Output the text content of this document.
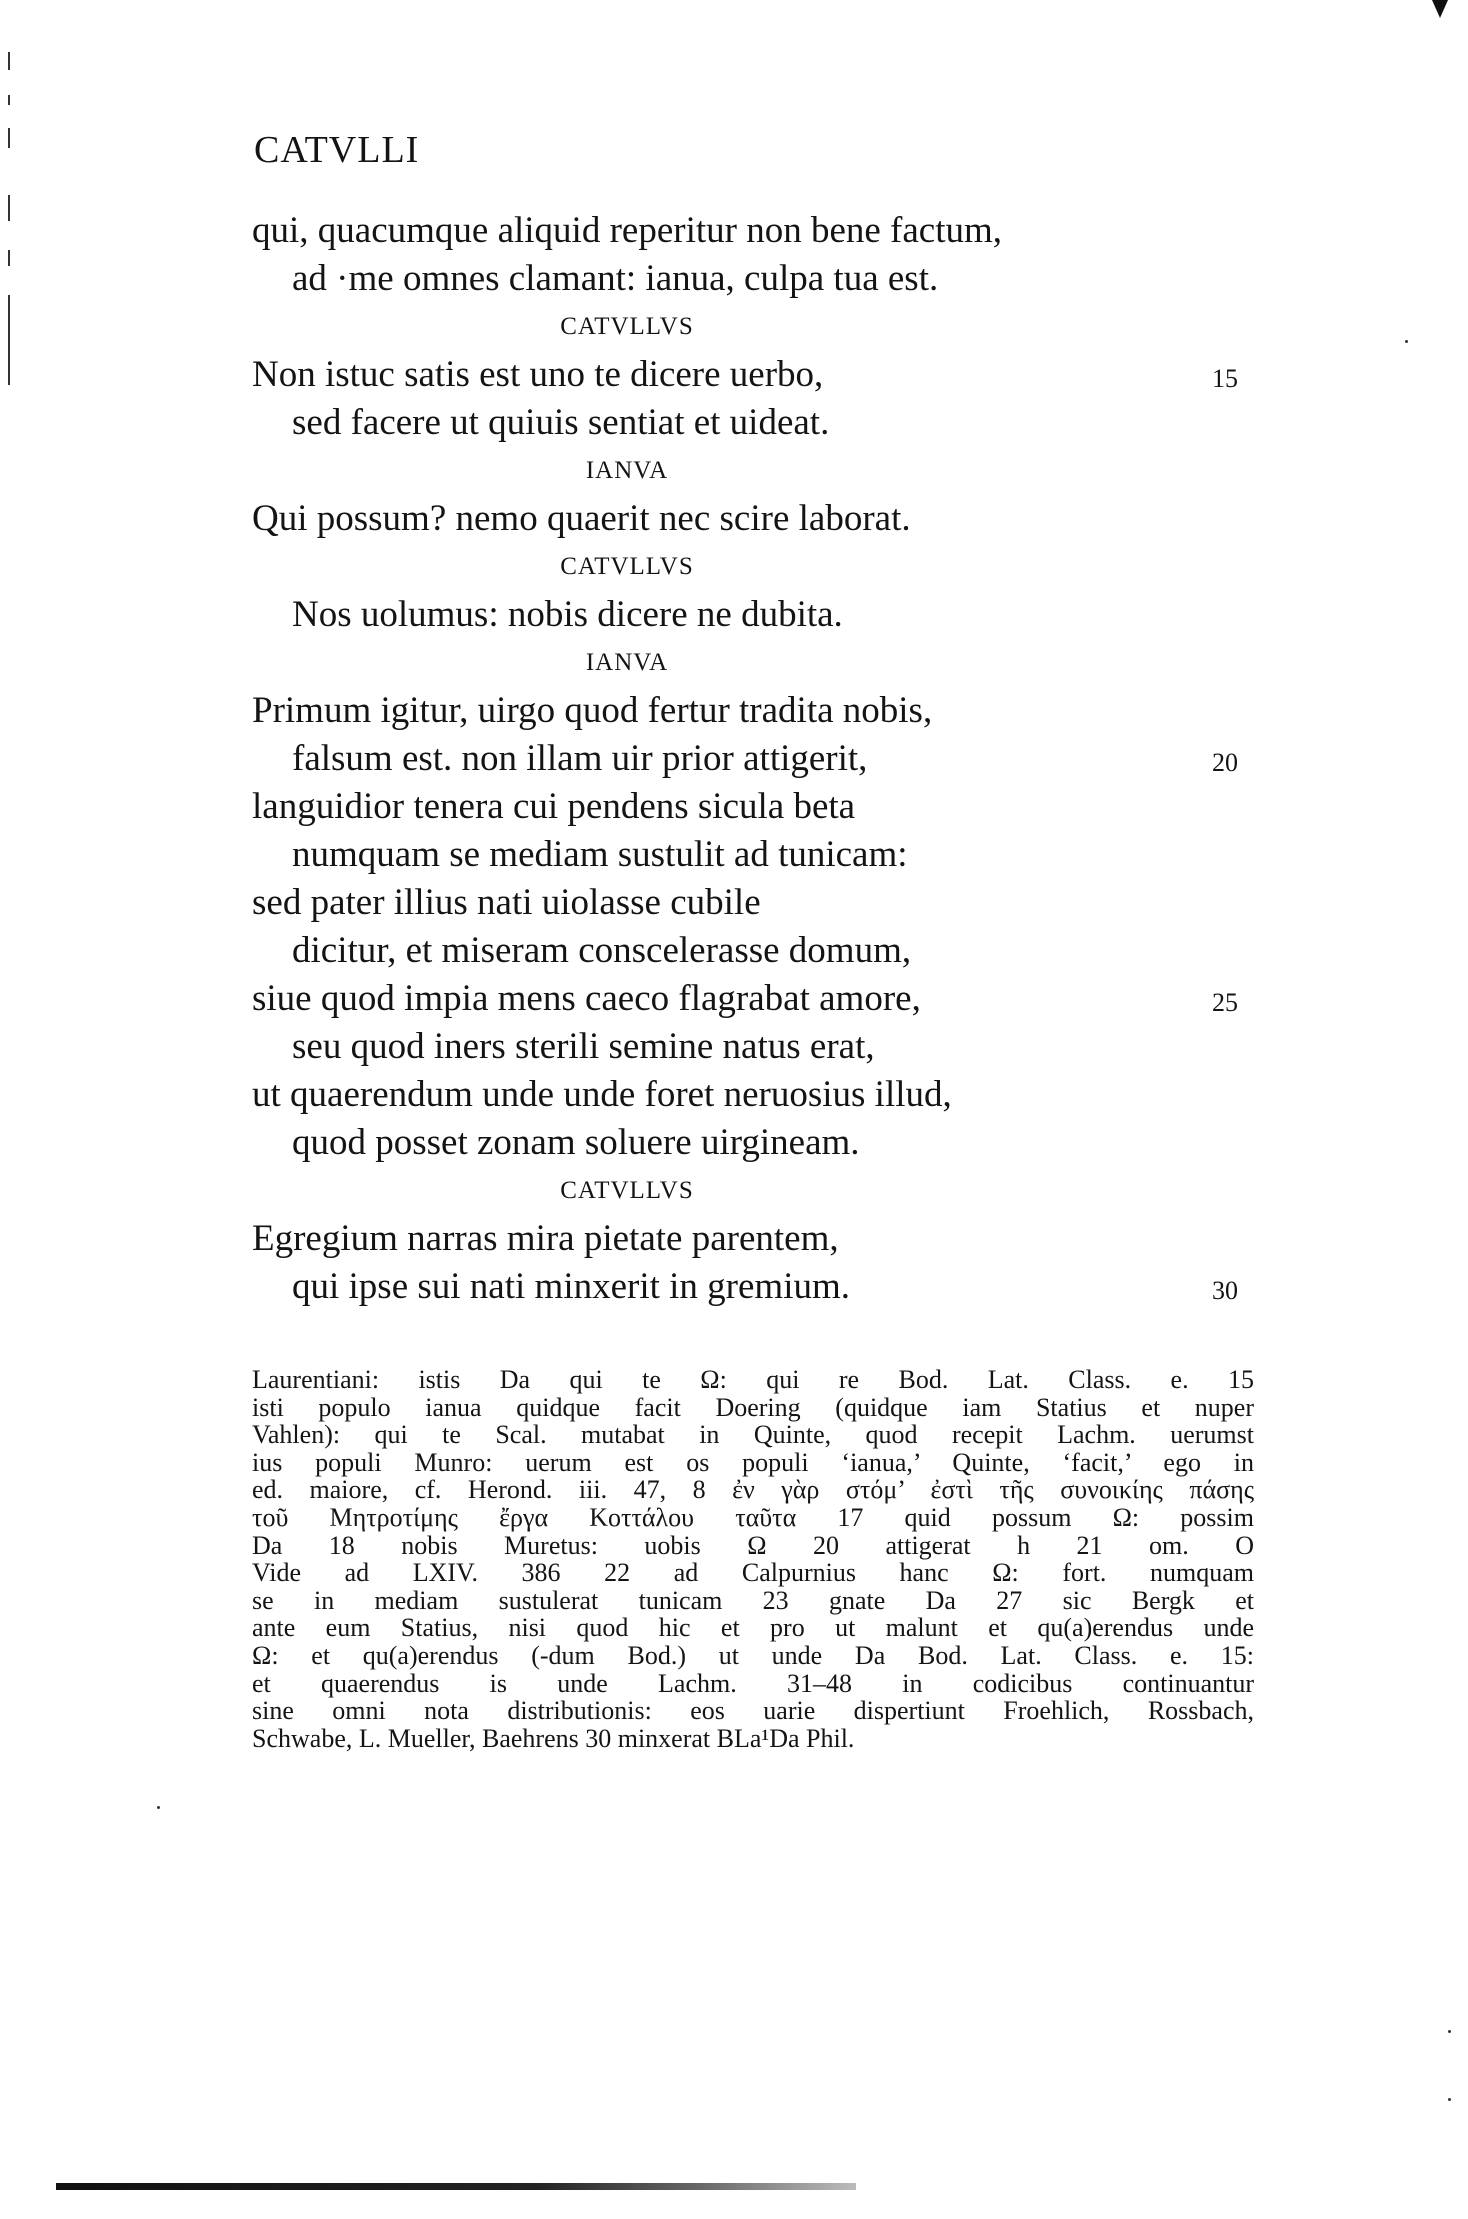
CATVLLI
qui, quacumque aliquid reperitur non bene factum,
ad ·me omnes clamant: ianua, culpa tua est.
CATVLLVS
Non istuc satis est uno te dicere uerbo,	15
sed facere ut quiuis sentiat et uideat.
IANVA
Qui possum? nemo quaerit nec scire laborat.
CATVLLVS
Nos uolumus: nobis dicere ne dubita.
IANVA
Primum igitur, uirgo quod fertur tradita nobis,
falsum est. non illam uir prior attigerit,	20
languidior tenera cui pendens sicula beta
numquam se mediam sustulit ad tunicam:
sed pater illius nati uiolasse cubile
dicitur, et miseram conscelerasse domum,
siue quod impia mens caeco flagrabat amore,	25
seu quod iners sterili semine natus erat,
ut quaerendum unde unde foret neruosius illud,
quod posset zonam soluere uirgineam.
CATVLLVS
Egregium narras mira pietate parentem,
qui ipse sui nati minxerit in gremium.	30
Laurentiani: istis Da qui te Ω: qui re Bod. Lat. Class. e. 15
isti populo ianua quidque facit Doering (quidque iam Statius et nuper
Vahlen): qui te Scal. mutabat in Quinte, quod recepit Lachm. uerumst
ius populi Munro: uerum est os populi ‘ianua,’ Quinte, ‘facit,’ ego in
ed. maiore, cf. Herond. iii. 47, 8 ἐν γὰρ στόμ’ ἐστὶ τῆς συνοικίης πάσης
τοῦ Μητροτίμης ἔργα Κοττάλου ταῦτα 17 quid possum Ω: possim
Da 18 nobis Muretus: uobis Ω 20 attigerat h 21 om. O
Vide ad LXIV. 386 22 ad Calpurnius hanc Ω: fort. numquam
se in mediam sustulerat tunicam 23 gnate Da 27 sic Bergk et
ante eum Statius, nisi quod hic et pro ut malunt et qu(a)erendus unde
Ω: et qu(a)erendus (-dum Bod.) ut unde Da Bod. Lat. Class. e. 15:
et quaerendus is unde Lachm. 31–48 in codicibus continuantur
sine omni nota distributionis: eos uarie dispertiunt Froehlich, Rossbach,
Schwabe, L. Mueller, Baehrens 30 minxerat BLa¹Da Phil.
